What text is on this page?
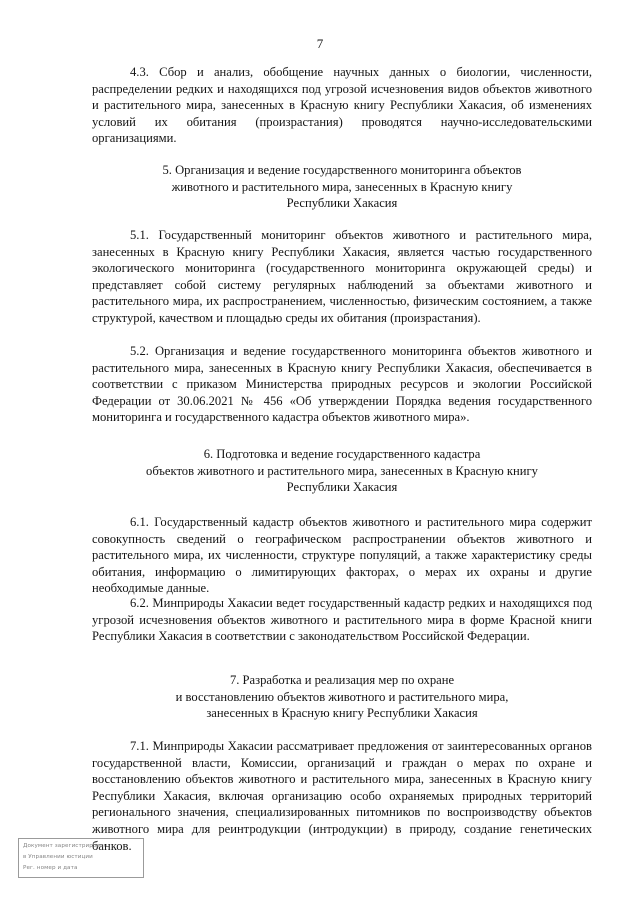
7

4.3. Сбор и анализ, обобщение научных данных о биологии, численности, распределении редких и находящихся под угрозой исчезновения видов объектов животного и растительного мира, занесенных в Красную книгу Республики Хакасия, об изменениях условий их обитания (произрастания) проводятся научно-исследовательскими организациями.

5. Организация и ведение государственного мониторинга объектов
животного и растительного мира, занесенных в Красную книгу
Республики Хакасия

5.1. Государственный мониторинг объектов животного и растительного мира, занесенных в Красную книгу Республики Хакасия, является частью государственного экологического мониторинга (государственного мониторинга окружающей среды) и представляет собой систему регулярных наблюдений за объектами животного и растительного мира, их распространением, численностью, физическим состоянием, а также структурой, качеством и площадью среды их обитания (произрастания).

5.2. Организация и ведение государственного мониторинга объектов животного и растительного мира, занесенных в Красную книгу Республики Хакасия, обеспечивается в соответствии с приказом Министерства природных ресурсов и экологии Российской Федерации от 30.06.2021 № 456 «Об утверждении Порядка ведения государственного мониторинга и государственного кадастра объектов животного мира».

6. Подготовка и ведение государственного кадастра
объектов животного и растительного мира, занесенных в Красную книгу
Республики Хакасия

6.1. Государственный кадастр объектов животного и растительного мира содержит совокупность сведений о географическом распространении объектов животного и растительного мира, их численности, структуре популяций, а также характеристику среды обитания, информацию о лимитирующих факторах, о мерах их охраны и другие необходимые данные.

6.2. Минприроды Хакасии ведет государственный кадастр редких и находящихся под угрозой исчезновения объектов животного и растительного мира в форме Красной книги Республики Хакасия в соответствии с законодательством Российской Федерации.

7. Разработка и реализация мер по охране
и восстановлению объектов животного и растительного мира,
занесенных в Красную книгу Республики Хакасия

7.1. Минприроды Хакасии рассматривает предложения от заинтересованных органов государственной власти, Комиссии, организаций и граждан о мерах по охране и восстановлению объектов животного и растительного мира, занесенных в Красную книгу Республики Хакасия, включая организацию особо охраняемых природных территорий регионального значения, специализированных питомников по воспроизводству объектов животного мира для реинтродукции (интродукции) в природу, создание генетических банков.

Документ зарегистрирован
в Управлении юстиции
Рег. номер и дата
